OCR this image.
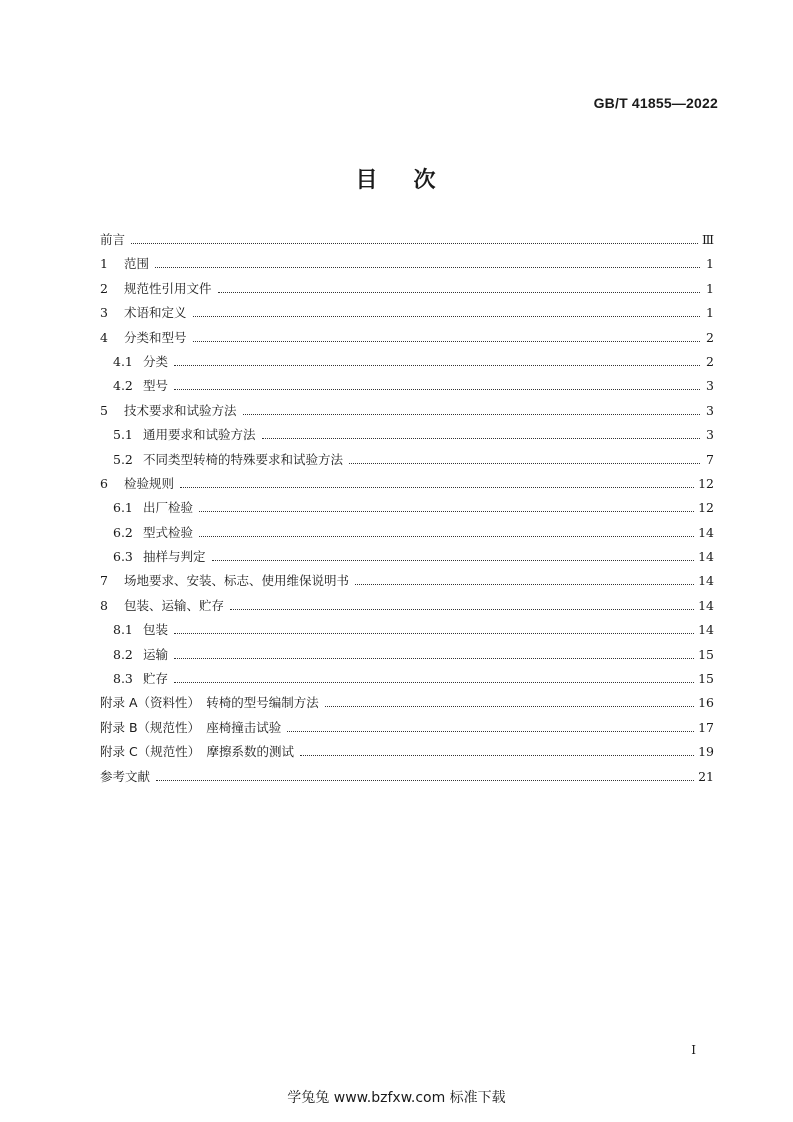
GB/T 41855—2022
目 次
前言	Ⅲ
1	范围	1
2	规范性引用文件	1
3	术语和定义	1
4	分类和型号	2
4.1 分类	2
4.2 型号	3
5	技术要求和试验方法	3
5.1 通用要求和试验方法	3
5.2 不同类型转椅的特殊要求和试验方法	7
6	检验规则	12
6.1 出厂检验	12
6.2 型式检验	14
6.3 抽样与判定	14
7	场地要求、安装、标志、使用维保说明书	14
8	包装、运输、贮存	14
8.1 包装	14
8.2 运输	15
8.3 贮存	15
附录 A（资料性）　转椅的型号编制方法	16
附录 B（规范性）　座椅撞击试验	17
附录 C（规范性）　摩擦系数的测试	19
参考文献	21
I
学兔兔 www.bzfxw.com 标准下载
